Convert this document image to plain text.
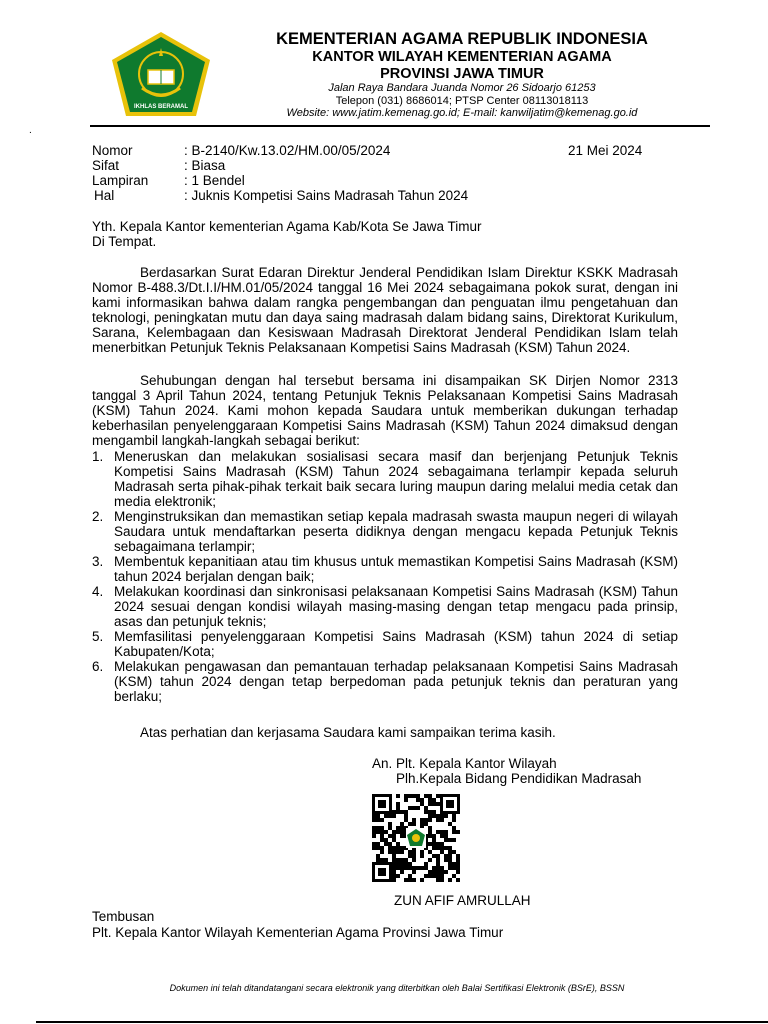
IKHLAS BERAMAL
KEMENTERIAN AGAMA REPUBLIK INDONESIA
KANTOR WILAYAH KEMENTERIAN AGAMA
PROVINSI JAWA TIMUR
Jalan Raya Bandara Juanda Nomor 26 Sidoarjo 61253
Telepon (031) 8686014; PTSP Center 08113018113
Website: www.jatim.kemenag.go.id; E-mail: kanwiljatim@kemenag.go.id
.
Nomor	: B-2140/Kw.13.02/HM.00/05/2024	21 Mei 2024
Sifat	: Biasa
Lampiran	: 1 Bendel
Hal	: Juknis Kompetisi Sains Madrasah Tahun 2024
Yth. Kepala Kantor kementerian Agama Kab/Kota Se Jawa Timur
Di Tempat.
Berdasarkan Surat Edaran Direktur Jenderal Pendidikan Islam Direktur KSKK Madrasah Nomor B-488.3/Dt.I.I/HM.01/05/2024 tanggal 16 Mei 2024 sebagaimana pokok surat, dengan ini kami informasikan bahwa dalam rangka pengembangan dan penguatan ilmu pengetahuan dan teknologi, peningkatan mutu dan daya saing madrasah dalam bidang sains, Direktorat Kurikulum, Sarana, Kelembagaan dan Kesiswaan Madrasah Direktorat Jenderal Pendidikan Islam telah menerbitkan Petunjuk Teknis Pelaksanaan Kompetisi Sains Madrasah (KSM) Tahun 2024.
Sehubungan dengan hal tersebut bersama ini disampaikan SK Dirjen Nomor 2313 tanggal 3 April Tahun 2024, tentang Petunjuk Teknis Pelaksanaan Kompetisi Sains Madrasah (KSM) Tahun 2024. Kami mohon kepada Saudara untuk memberikan dukungan terhadap keberhasilan penyelenggaraan Kompetisi Sains Madrasah (KSM) Tahun 2024 dimaksud dengan mengambil langkah-langkah sebagai berikut:
1. Meneruskan dan melakukan sosialisasi secara masif dan berjenjang Petunjuk Teknis Kompetisi Sains Madrasah (KSM) Tahun 2024 sebagaimana terlampir kepada seluruh Madrasah serta pihak-pihak terkait baik secara luring maupun daring melalui media cetak dan media elektronik;
2. Menginstruksikan dan memastikan setiap kepala madrasah swasta maupun negeri di wilayah Saudara untuk mendaftarkan peserta didiknya dengan mengacu kepada Petunjuk Teknis sebagaimana terlampir;
3. Membentuk kepanitiaan atau tim khusus untuk memastikan Kompetisi Sains Madrasah (KSM) tahun 2024 berjalan dengan baik;
4. Melakukan koordinasi dan sinkronisasi pelaksanaan Kompetisi Sains Madrasah (KSM) Tahun 2024 sesuai dengan kondisi wilayah masing-masing dengan tetap mengacu pada prinsip, asas dan petunjuk teknis;
5. Memfasilitasi penyelenggaraan Kompetisi Sains Madrasah (KSM) tahun 2024 di setiap Kabupaten/Kota;
6. Melakukan pengawasan dan pemantauan terhadap pelaksanaan Kompetisi Sains Madrasah (KSM) tahun 2024 dengan tetap berpedoman pada petunjuk teknis dan peraturan yang berlaku;
Atas perhatian dan kerjasama Saudara kami sampaikan terima kasih.
An. Plt. Kepala Kantor Wilayah
Plh.Kepala Bidang Pendidikan Madrasah
ZUN AFIF AMRULLAH
Tembusan
Plt. Kepala Kantor Wilayah Kementerian Agama Provinsi Jawa Timur
Dokumen ini telah ditandatangani secara elektronik yang diterbitkan oleh Balai Sertifikasi Elektronik (BSrE), BSSN
